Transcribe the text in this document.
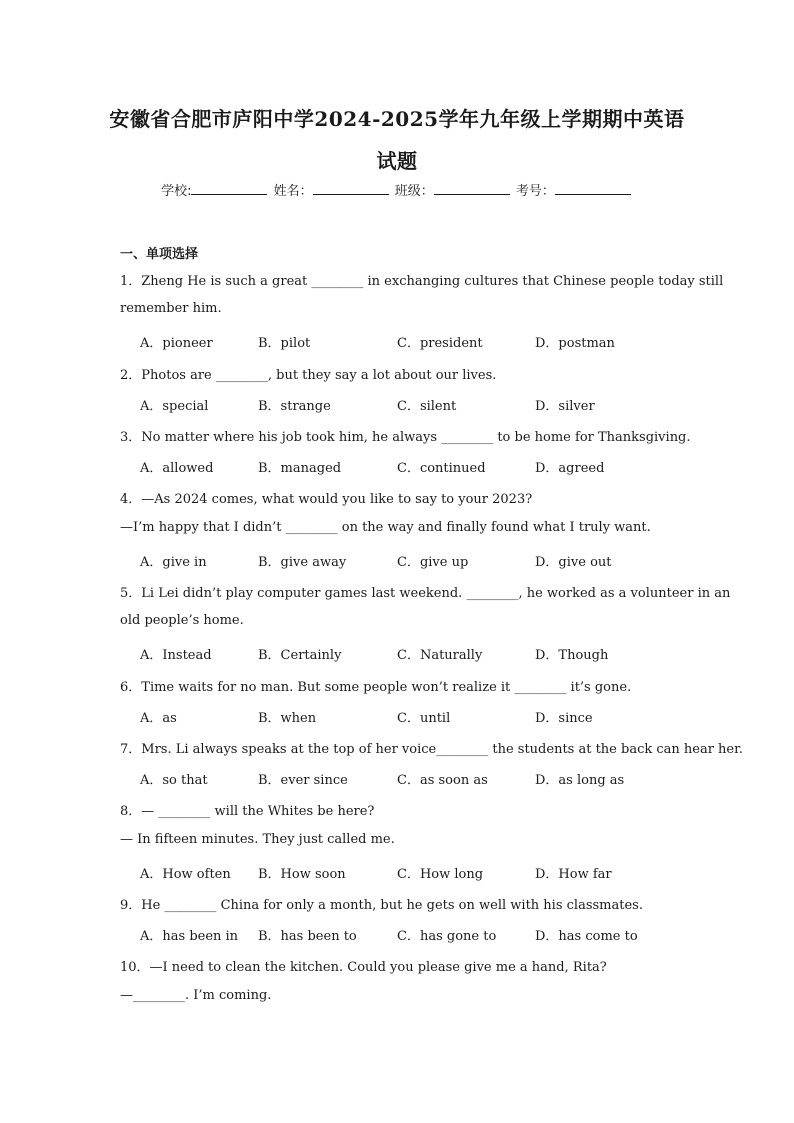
安徽省合肥市庐阳中学2024-2025学年九年级上学期期中英语
试题
学校:	姓名：	班级：	考号：
一、单项选择
1．Zheng He is such a great ________ in exchanging cultures that Chinese people today still
remember him.
A．pioneer	B．pilot	C．president	D．postman
2．Photos are ________, but they say a lot about our lives.
A．special	B．strange	C．silent	D．silver
3．No matter where his job took him, he always ________ to be home for Thanksgiving.
A．allowed	B．managed	C．continued	D．agreed
4．—As 2024 comes, what would you like to say to your 2023?
—I’m happy that I didn’t ________ on the way and finally found what I truly want.
A．give in	B．give away	C．give up	D．give out
5．Li Lei didn’t play computer games last weekend. ________, he worked as a volunteer in an
old people’s home.
A．Instead	B．Certainly	C．Naturally	D．Though
6．Time waits for no man. But some people won’t realize it ________ it’s gone.
A．as	B．when	C．until	D．since
7．Mrs. Li always speaks at the top of her voice________ the students at the back can hear her.
A．so that	B．ever since	C．as soon as	D．as long as
8．— ________ will the Whites be here?
— In fifteen minutes. They just called me.
A．How often B．How soon	C．How long	D．How far
9．He ________ China for only a month, but he gets on well with his classmates.
A．has been in B．has been to	C．has gone to	D．has come to
10．—I need to clean the kitchen. Could you please give me a hand, Rita?
—________. I’m coming.
